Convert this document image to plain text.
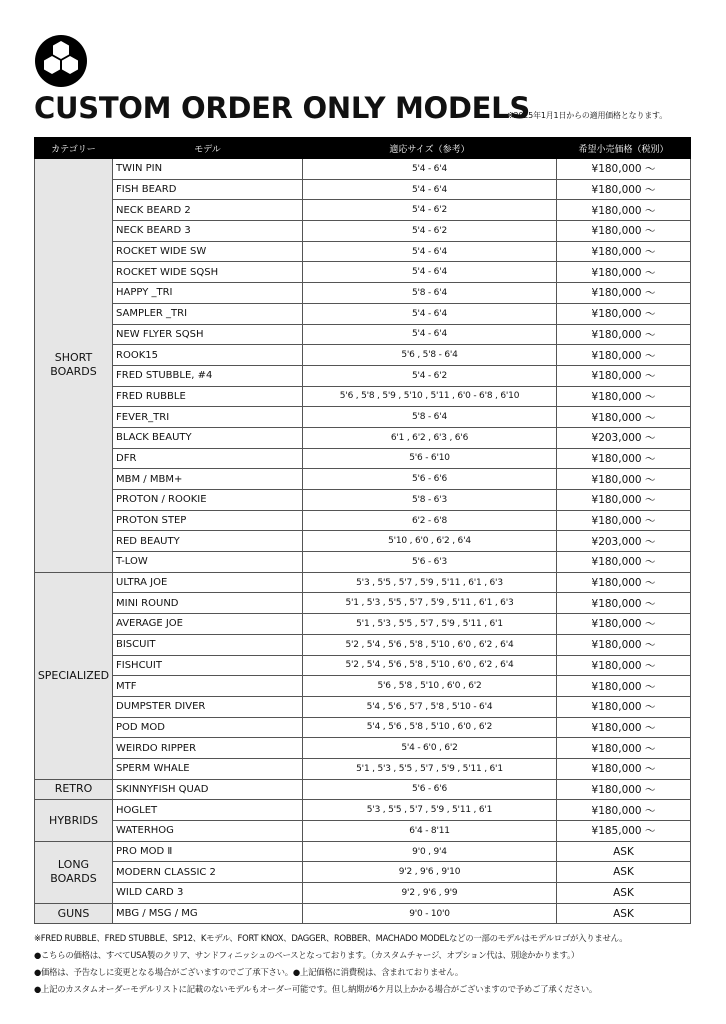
CUSTOM ORDER ONLY MODELS
※2025年1月1日からの適用価格となります。
カテゴリー	モデル	適応サイズ（参考）	希望小売価格（税別）
SHORT BOARDS	TWIN PIN	5'4 - 6'4	¥180,000 〜
	FISH BEARD	5'4 - 6'4	¥180,000 〜
	NECK BEARD 2	5'4 - 6'2	¥180,000 〜
	NECK BEARD 3	5'4 - 6'2	¥180,000 〜
	ROCKET WIDE SW	5'4 - 6'4	¥180,000 〜
	ROCKET WIDE SQSH	5'4 - 6'4	¥180,000 〜
	HAPPY _TRI	5'8 - 6'4	¥180,000 〜
	SAMPLER _TRI	5'4 - 6'4	¥180,000 〜
	NEW FLYER SQSH	5'4 - 6'4	¥180,000 〜
	ROOK15	5'6 , 5'8 - 6'4	¥180,000 〜
	FRED STUBBLE, #4	5'4 - 6'2	¥180,000 〜
	FRED RUBBLE	5'6 , 5'8 , 5'9 , 5'10 , 5'11 , 6'0 - 6'8 , 6'10	¥180,000 〜
	FEVER_TRI	5'8 - 6'4	¥180,000 〜
	BLACK BEAUTY	6'1 , 6'2 , 6'3 , 6'6	¥203,000 〜
	DFR	5'6 - 6'10	¥180,000 〜
	MBM / MBM+	5'6 - 6'6	¥180,000 〜
	PROTON / ROOKIE	5'8 - 6'3	¥180,000 〜
	PROTON STEP	6'2 - 6'8	¥180,000 〜
	RED BEAUTY	5'10 , 6'0 , 6'2 , 6'4	¥203,000 〜
	T-LOW	5'6 - 6'3	¥180,000 〜
SPECIALIZED	ULTRA JOE	5'3 , 5'5 , 5'7 , 5'9 , 5'11 , 6'1 , 6'3	¥180,000 〜
	MINI ROUND	5'1 , 5'3 , 5'5 , 5'7 , 5'9 , 5'11 , 6'1 , 6'3	¥180,000 〜
	AVERAGE JOE	5'1 , 5'3 , 5'5 , 5'7 , 5'9 , 5'11 , 6'1	¥180,000 〜
	BISCUIT	5'2 , 5'4 , 5'6 , 5'8 , 5'10 , 6'0 , 6'2 , 6'4	¥180,000 〜
	FISHCUIT	5'2 , 5'4 , 5'6 , 5'8 , 5'10 , 6'0 , 6'2 , 6'4	¥180,000 〜
	MTF	5'6 , 5'8 , 5'10 , 6'0 , 6'2	¥180,000 〜
	DUMPSTER DIVER	5'4 , 5'6 , 5'7 , 5'8 , 5'10 - 6'4	¥180,000 〜
	POD MOD	5'4 , 5'6 , 5'8 , 5'10 , 6'0 , 6'2	¥180,000 〜
	WEIRDO RIPPER	5'4 - 6'0 , 6'2	¥180,000 〜
	SPERM WHALE	5'1 , 5'3 , 5'5 , 5'7 , 5'9 , 5'11 , 6'1	¥180,000 〜
RETRO	SKINNYFISH QUAD	5'6 - 6'6	¥180,000 〜
HYBRIDS	HOGLET	5'3 , 5'5 , 5'7 , 5'9 , 5'11 , 6'1	¥180,000 〜
	WATERHOG	6'4 - 8'11	¥185,000 〜
LONG BOARDS	PRO MOD Ⅱ	9'0 , 9'4	ASK
	MODERN CLASSIC 2	9'2 , 9'6 , 9'10	ASK
	WILD CARD 3	9'2 , 9'6 , 9'9	ASK
GUNS	MBG / MSG / MG	9'0 - 10'0	ASK
※FRED RUBBLE、FRED STUBBLE、SP12、Kモデル、FORT KNOX、DAGGER、ROBBER、MACHADO MODELなどの一部のモデルはモデルロゴが入りません。
●こちらの価格は、すべてUSA製のクリア、サンドフィニッシュのベースとなっております。（カスタムチャージ、オプション代は、別途かかります。）
●価格は、予告なしに変更となる場合がございますのでご了承下さい。●上記価格に消費税は、含まれておりません。
●上記のカスタムオーダーモデルリストに記載のないモデルもオーダー可能です。但し納期が6ケ月以上かかる場合がございますので予めご了承ください。
